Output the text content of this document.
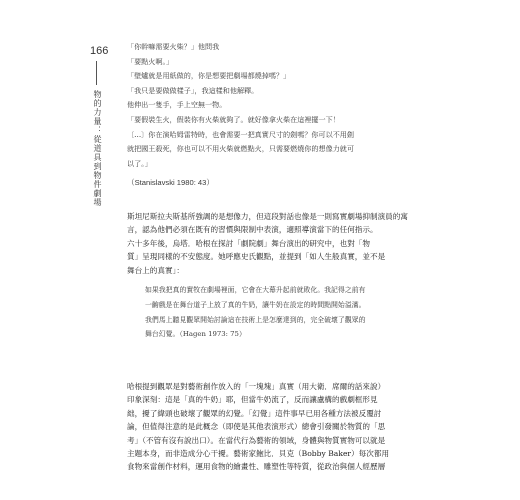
166
物的力量：從道具到物件劇場

「你幹嘛需要火柴？」他問我

「要點火啊。」

「壁爐就是用紙做的，你是想要把劇場都燒掉嗎？」

「我只是要做做樣子」，我這樣和他解釋。

他伸出一隻手，手上空無一物。

「要假裝生火，假裝你有火柴就夠了。就好像拿火柴在這裡擺一下！

〔…〕你在演哈姆雷特時，也會需要一把真實尺寸的劍嗎？你可以不用劍

就把國王殺死，你也可以不用火柴就燃點火，只需要燃燒你的想像力就可

以了。」

（Stanislavski 1980: 43）

斯坦尼斯拉夫斯基所強調的是想像力，但這段對話也像是一則寫實劇場抑制演員的寓

言，認為他們必須在既有的習慣與限制中表演，適照導演當下的任何指示。

六十多年後，烏塔．哈根在探討「劇院劇」舞台演出的研究中，也對「物

質」呈現同樣的不安態度。她呼應史氏觀點，並提到「如人生般真實，並不是

舞台上的真實」：

如果我把真的實牧在劇場裡面，它會在大幕升起前就敗化。我記得之前有

一齣戲是在舞台道子上放了真的牛奶，讓牛奶在設定的時間點開始溢滿。

我們馬上聽見觀眾開始討論這在技術上是怎麼達到的，完全破壞了觀眾的

舞台幻覺。（Hagen 1973: 75）

哈根提到觀眾是對藝術創作放入的「一塊塊」真實（用大衛．席爾的話來說）

印象深刻：這是「真的牛奶」耶，但當牛奶流了，反而讓盧構的戲劇框形見

絀，擾了緯頭也破壞了觀眾的幻覺。「幻覺」這件事早已用各種方法被反覆討

論，但值得注意的是此概念（即使是其他表演形式）總會引發關於物質的「思

考」（不管有沒有說出口）。在當代行為藝術的領域，身體與物質實物可以就是

主題本身，而非造成分心干擾。藝術家鮑比．貝克（Bobby Baker）每次都用

食物來當創作材料，運用食物的繪畫性、雕塑性等特質，從政治與個人經歷層
